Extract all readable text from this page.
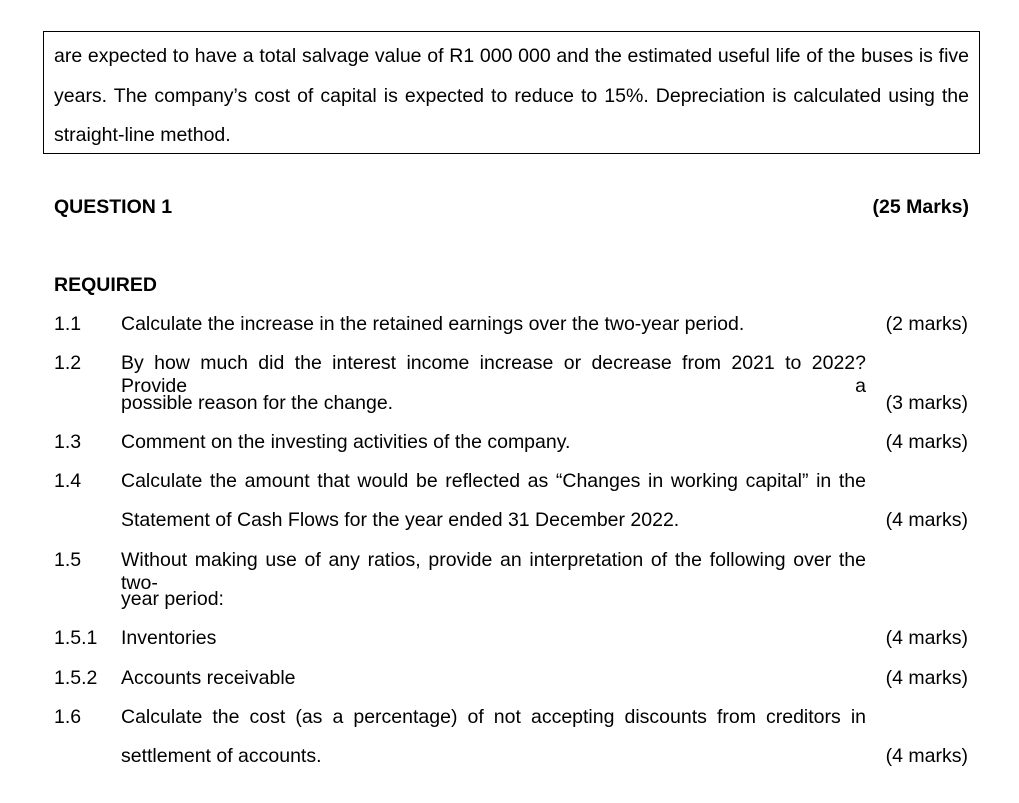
are expected to have a total salvage value of R1 000 000 and the estimated useful life of the buses is five years. The company’s cost of capital is expected to reduce to 15%. Depreciation is calculated using the straight-line method.
QUESTION 1	(25 Marks)
REQUIRED
1.1 Calculate the increase in the retained earnings over the two-year period.	(2 marks)
1.2 By how much did the interest income increase or decrease from 2021 to 2022? Provide a
possible reason for the change.	(3 marks)
1.3 Comment on the investing activities of the company.	(4 marks)
1.4 Calculate the amount that would be reflected as “Changes in working capital” in the
Statement of Cash Flows for the year ended 31 December 2022.	(4 marks)
1.5 Without making use of any ratios, provide an interpretation of the following over the two-
year period:
1.5.1 Inventories	(4 marks)
1.5.2 Accounts receivable	(4 marks)
1.6 Calculate the cost (as a percentage) of not accepting discounts from creditors in
settlement of accounts.	(4 marks)
